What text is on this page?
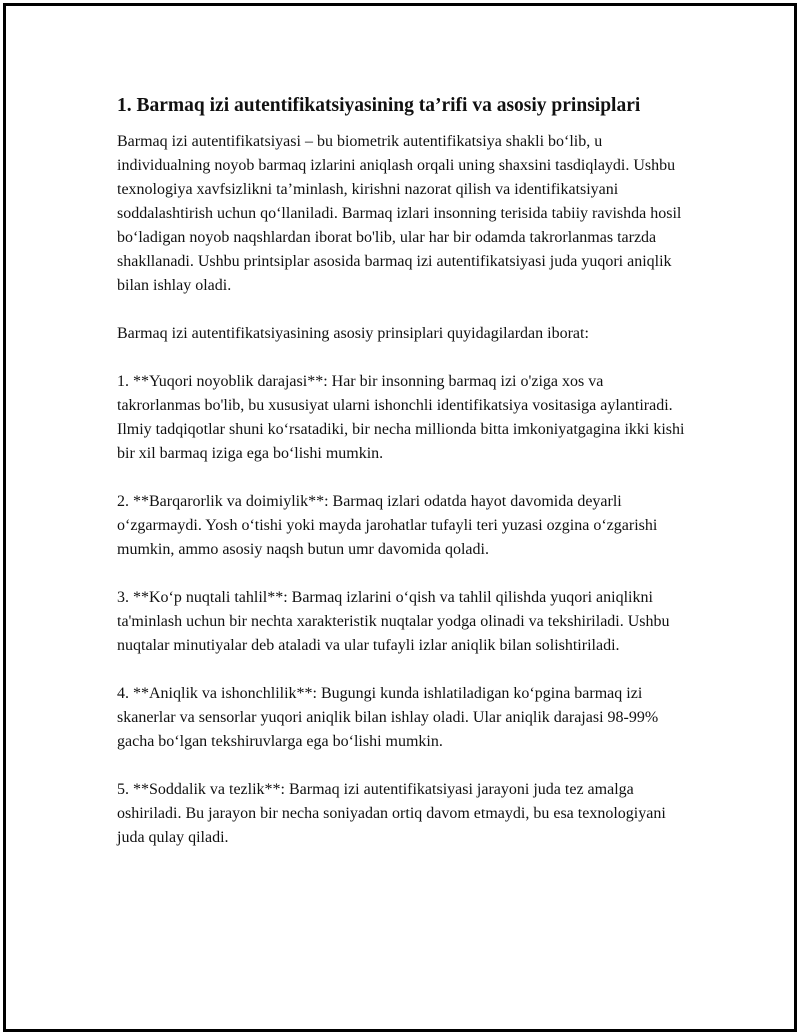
1. Barmaq izi autentifikatsiyasining ta’rifi va asosiy prinsiplari

Barmaq izi autentifikatsiyasi – bu biometrik autentifikatsiya shakli bo‘lib, u individualning noyob barmaq izlarini aniqlash orqali uning shaxsini tasdiqlaydi. Ushbu texnologiya xavfsizlikni ta’minlash, kirishni nazorat qilish va identifikatsiyani soddalashtirish uchun qo‘llaniladi. Barmaq izlari insonning terisida tabiiy ravishda hosil bo‘ladigan noyob naqshlardan iborat bo'lib, ular har bir odamda takrorlanmas tarzda shakllanadi. Ushbu printsiplar asosida barmaq izi autentifikatsiyasi juda yuqori aniqlik bilan ishlay oladi.

Barmaq izi autentifikatsiyasining asosiy prinsiplari quyidagilardan iborat:

1. **Yuqori noyoblik darajasi**: Har bir insonning barmaq izi o'ziga xos va takrorlanmas bo'lib, bu xususiyat ularni ishonchli identifikatsiya vositasiga aylantiradi. Ilmiy tadqiqotlar shuni ko‘rsatadiki, bir necha millionda bitta imkoniyatgagina ikki kishi bir xil barmaq iziga ega bo‘lishi mumkin.

2. **Barqarorlik va doimiylik**: Barmaq izlari odatda hayot davomida deyarli o‘zgarmaydi. Yosh o‘tishi yoki mayda jarohatlar tufayli teri yuzasi ozgina o‘zgarishi mumkin, ammo asosiy naqsh butun umr davomida qoladi.

3. **Ko‘p nuqtali tahlil**: Barmaq izlarini o‘qish va tahlil qilishda yuqori aniqlikni ta'minlash uchun bir nechta xarakteristik nuqtalar yodga olinadi va tekshiriladi. Ushbu nuqtalar minutiyalar deb ataladi va ular tufayli izlar aniqlik bilan solishtiriladi.

4. **Aniqlik va ishonchlilik**: Bugungi kunda ishlatiladigan ko‘pgina barmaq izi skanerlar va sensorlar yuqori aniqlik bilan ishlay oladi. Ular aniqlik darajasi 98-99% gacha bo‘lgan tekshiruvlarga ega bo‘lishi mumkin.

5. **Soddalik va tezlik**: Barmaq izi autentifikatsiyasi jarayoni juda tez amalga oshiriladi. Bu jarayon bir necha soniyadan ortiq davom etmaydi, bu esa texnologiyani juda qulay qiladi.
